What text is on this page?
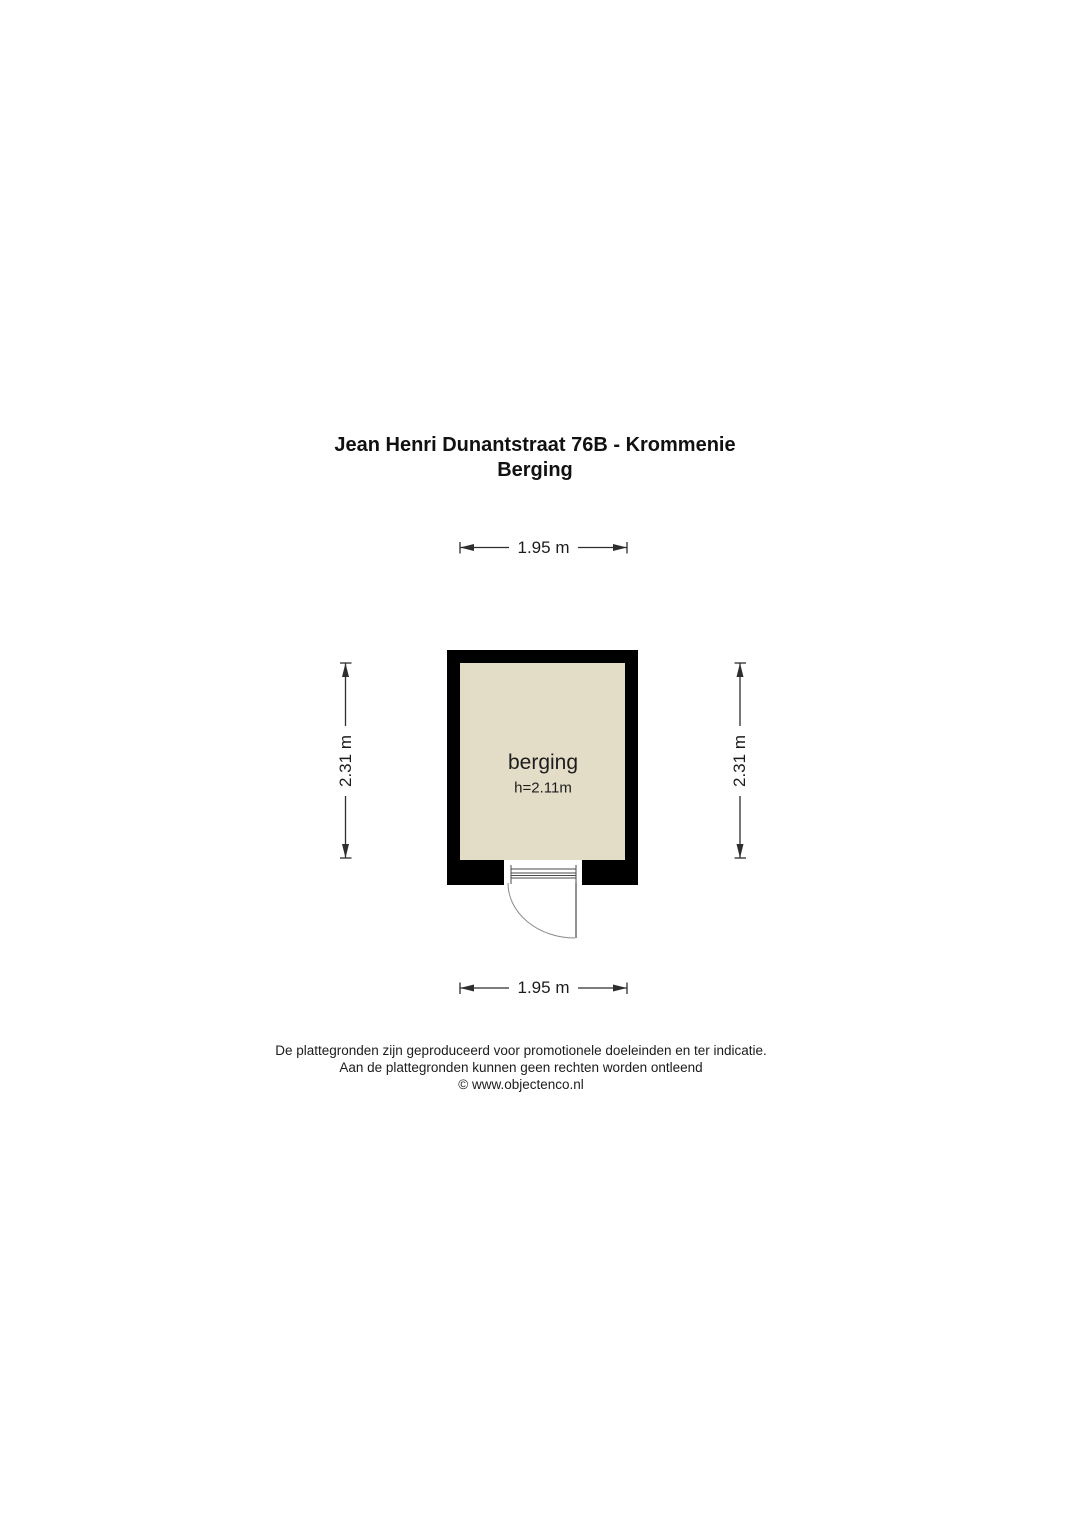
Jean Henri Dunantstraat 76B - Krommenie
Berging
berging
h=2.11m
1.95 m
1.95 m
2.31 m	2.31 m
De plattegronden zijn geproduceerd voor promotionele doeleinden en ter indicatie.
Aan de plattegronden kunnen geen rechten worden ontleend
© www.objectenco.nl
